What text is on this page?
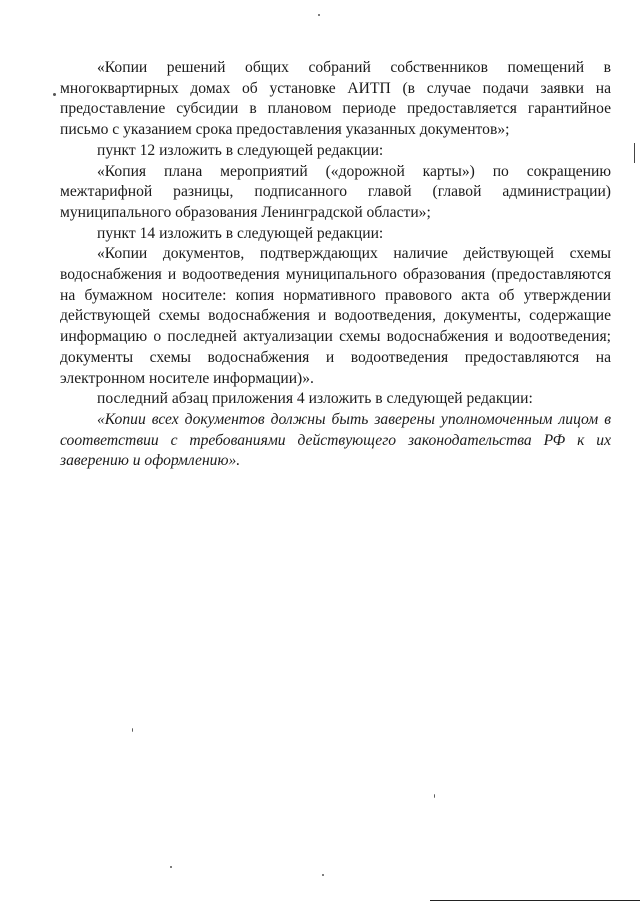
«Копии решений общих собраний собственников помещений в многоквартирных домах об установке АИТП (в случае подачи заявки на предоставление субсидии в плановом периоде предоставляется гарантийное письмо с указанием срока предоставления указанных документов»;

пункт 12 изложить в следующей редакции:

«Копия плана мероприятий («дорожной карты») по сокращению межтарифной разницы, подписанного главой (главой администрации) муниципального образования Ленинградской области»;

пункт 14 изложить в следующей редакции:

«Копии документов, подтверждающих наличие действующей схемы водоснабжения и водоотведения муниципального образования (предоставляются на бумажном носителе: копия нормативного правового акта об утверждении действующей схемы водоснабжения и водоотведения, документы, содержащие информацию о последней актуализации схемы водоснабжения и водоотведения; документы схемы водоснабжения и водоотведения предоставляются на электронном носителе информации)».

последний абзац приложения 4 изложить в следующей редакции:

«Копии всех документов должны быть заверены уполномоченным лицом в соответствии с требованиями действующего законодательства РФ к их заверению и оформлению».
